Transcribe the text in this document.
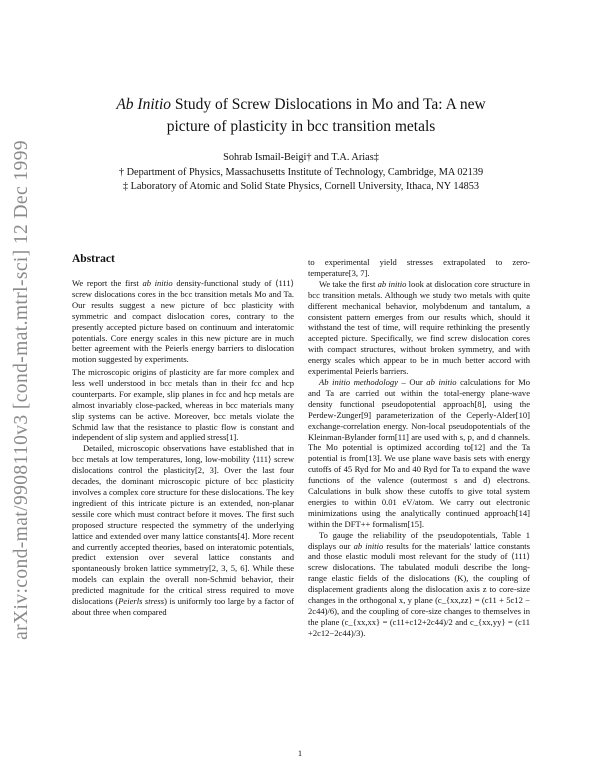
arXiv:cond-mat/9908110v3 [cond-mat.mtrl-sci] 12 Dec 1999
Ab Initio Study of Screw Dislocations in Mo and Ta: A new
picture of plasticity in bcc transition metals
Sohrab Ismail-Beigi† and T.A. Arias‡
† Department of Physics, Massachusetts Institute of Technology, Cambridge, MA 02139
‡ Laboratory of Atomic and Solid State Physics, Cornell University, Ithaca, NY 14853
Abstract
We report the first ab initio density-functional study of ⟨111⟩ screw dislocations cores in the bcc transition metals Mo and Ta. Our results suggest a new picture of bcc plasticity with symmetric and compact dislocation cores, contrary to the presently accepted picture based on continuum and interatomic potentials. Core energy scales in this new picture are in much better agreement with the Peierls energy barriers to dislocation motion suggested by experiments.

The microscopic origins of plasticity are far more complex and less well understood in bcc metals than in their fcc and hcp counterparts. For example, slip planes in fcc and hcp metals are almost invariably close-packed, whereas in bcc materials many slip systems can be active. Moreover, bcc metals violate the Schmid law that the resistance to plastic flow is constant and independent of slip system and applied stress[1].

Detailed, microscopic observations have established that in bcc metals at low temperatures, long, low-mobility ⟨111⟩ screw dislocations control the plasticity[2, 3]. Over the last four decades, the dominant microscopic picture of bcc plasticity involves a complex core structure for these dislocations. The key ingredient of this intricate picture is an extended, non-planar sessile core which must contract before it moves. The first such proposed structure respected the symmetry of the underlying lattice and extended over many lattice constants[4]. More recent and currently accepted theories, based on interatomic potentials, predict extension over several lattice constants and spontaneously broken lattice symmetry[2, 3, 5, 6]. While these models can explain the overall non-Schmid behavior, their predicted magnitude for the critical stress required to move dislocations (Peierls stress) is uniformly too large by a factor of about three when compared

to experimental yield stresses extrapolated to zero-temperature[3, 7].

We take the first ab initio look at dislocation core structure in bcc transition metals. Although we study two metals with quite different mechanical behavior, molybdenum and tantalum, a consistent pattern emerges from our results which, should it withstand the test of time, will require rethinking the presently accepted picture. Specifically, we find screw dislocation cores with compact structures, without broken symmetry, and with energy scales which appear to be in much better accord with experimental Peierls barriers.

Ab initio methodology – Our ab initio calculations for Mo and Ta are carried out within the total-energy plane-wave density functional pseudopotential approach[8], using the Perdew-Zunger[9] parameterization of the Ceperly-Alder[10] exchange-correlation energy. Non-local pseudopotentials of the Kleinman-Bylander form[11] are used with s, p, and d channels. The Mo potential is optimized according to[12] and the Ta potential is from[13]. We use plane wave basis sets with energy cutoffs of 45 Ryd for Mo and 40 Ryd for Ta to expand the wave functions of the valence (outermost s and d) electrons. Calculations in bulk show these cutoffs to give total system energies to within 0.01 eV/atom. We carry out electronic minimizations using the analytically continued approach[14] within the DFT++ formalism[15].

To gauge the reliability of the pseudopotentials, Table 1 displays our ab initio results for the materials' lattice constants and those elastic moduli most relevant for the study of ⟨111⟩ screw dislocations. The tabulated moduli describe the long-range elastic fields of the dislocations (K), the coupling of displacement gradients along the dislocation axis z to core-size changes in the orthogonal x, y plane (c_{xx,zz} = (c11 + 5c12 − 2c44)/6), and the coupling of core-size changes to themselves in the plane (c_{xx,xx} = (c11+c12+2c44)/2 and c_{xx,yy} = (c11 +2c12−2c44)/3).

1
